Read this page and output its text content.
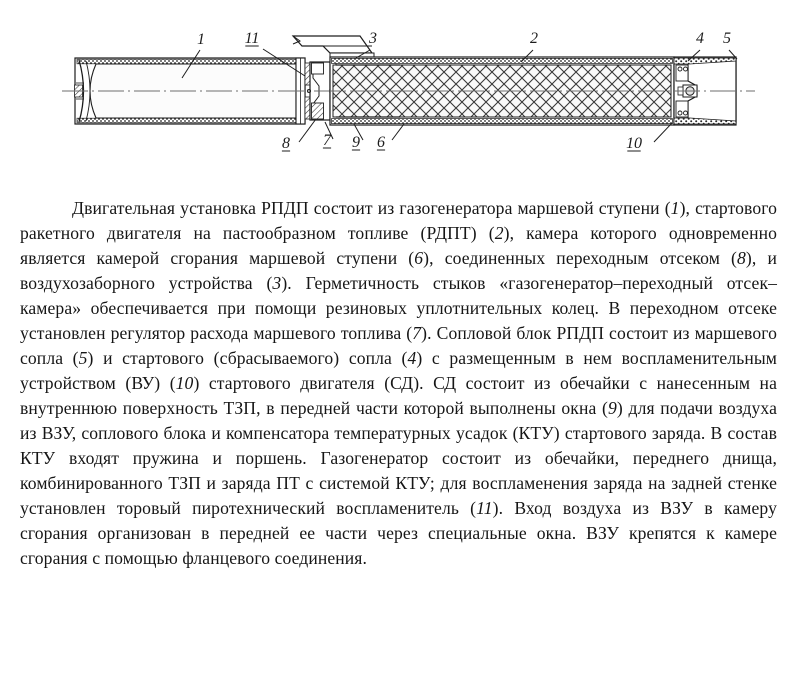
1 11	3	2	4 5
8 7 9 6	10

Двигательная установка РПДП состоит из газогенератора маршевой ступени (1), стартового ракетного двигателя на пастообразном топливе (РДПТ) (2), камера которого одновременно является камерой сгорания маршевой ступени (6), соединенных переходным отсеком (8), и воздухозаборного устройства (3). Герметичность стыков «газогенератор–переходный отсек–камера» обеспечивается при помощи резиновых уплотнительных колец. В переходном отсеке установлен регулятор расхода маршевого топлива (7). Сопловой блок РПДП состоит из маршевого сопла (5) и стартового (сбрасываемого) сопла (4) с размещенным в нем воспламенительным устройством (ВУ) (10) стартового двигателя (СД). СД состоит из обечайки с нанесенным на внутреннюю поверхность ТЗП, в передней части которой выполнены окна (9) для подачи воздуха из ВЗУ, соплового блока и компенсатора температурных усадок (КТУ) стартового заряда. В состав КТУ входят пружина и поршень. Газогенератор состоит из обечайки, переднего днища, комбинированного ТЗП и заряда ПТ с системой КТУ; для воспламенения заряда на задней стенке установлен торовый пиротехнический воспламенитель (11). Вход воздуха из ВЗУ в камеру сгорания организован в передней ее части через специальные окна. ВЗУ крепятся к камере сгорания с помощью фланцевого соединения.
